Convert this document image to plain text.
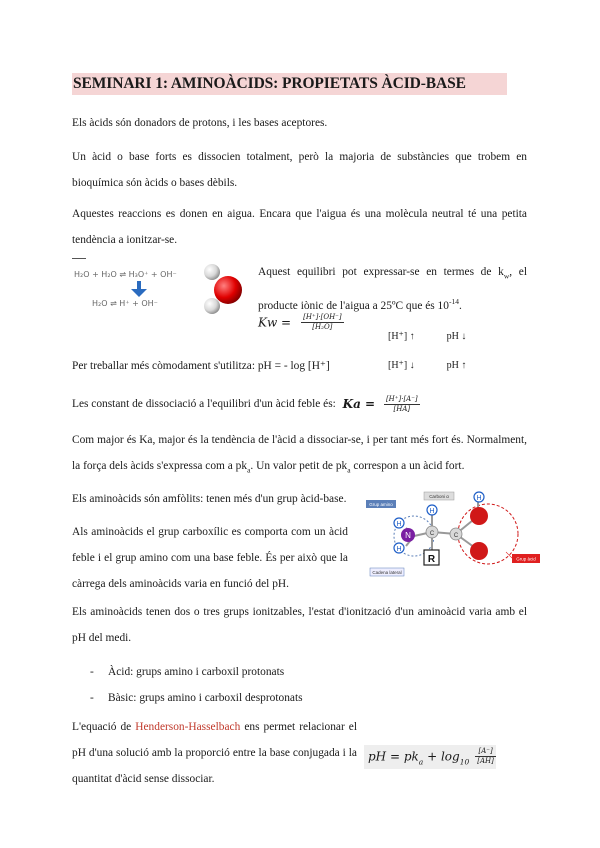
SEMINARI 1: AMINOÀCIDS: PROPIETATS ÀCID-BASE
Els àcids són donadors de protons, i les bases aceptores.
Un àcid o base forts es dissocien totalment, però la majoria de substàncies que trobem en bioquímica són àcids o bases dèbils.
Aquestes reaccions es donen en aigua. Encara que l'aigua és una molècula neutral té una petita tendència a ionitzar-se.
H₂O + H₂O ⇌ H₃O⁺ + OH⁻
H₂O ⇌ H⁺ + OH⁻
Aquest equilibri pot expressar-se en termes de $k_w$, el producte iònic de l'aigua a 25ºC que és $10^{-14}$.
$Kw = \frac{[H^+]\cdot[OH^-]}{\text{[H₂O]}}$
[H⁺] ↑	pH ↓
Per treballar més còmodament s'utilitza: pH = - log [H⁺]	[H⁺] ↓	pH ↑
Les constant de dissociació a l'equilibri d'un àcid feble és: $Ka = \frac{[H^+]\cdot[A^-]}{[HA]}$
Com major és Ka, major és la tendència de l'àcid a dissociar-se, i per tant més fort és. Normalment, la força dels àcids s'expressa com a $pk_a$. Un valor petit de $pk_a$ correspon a un àcid fort.
Els aminoàcids són amfòlits: tenen més d'un grup àcid-base.
Als aminoàcids el grup carboxílic es comporta com un àcid feble i el grup amino com una base feble. És per això que la càrrega dels aminoàcids varia en funció del pH.
N
H
H
C
H
R
C
H
Grup amino
Carboni α
Cadena lateral
Grup àcid
Els aminoàcids tenen dos o tres grups ionitzables, l'estat d'ionització d'un aminoàcid varia amb el pH del medi.
- Àcid: grups amino i carboxil protonats
- Bàsic: grups amino i carboxil desprotonats
L'equació de Henderson-Hasselbach ens permet relacionar el pH d'una solució amb la proporció entre la base conjugada i la quantitat d'àcid sense dissociar.
pH = $pk_a + \log_{10} \frac{[A^-]}{[AH]}$
